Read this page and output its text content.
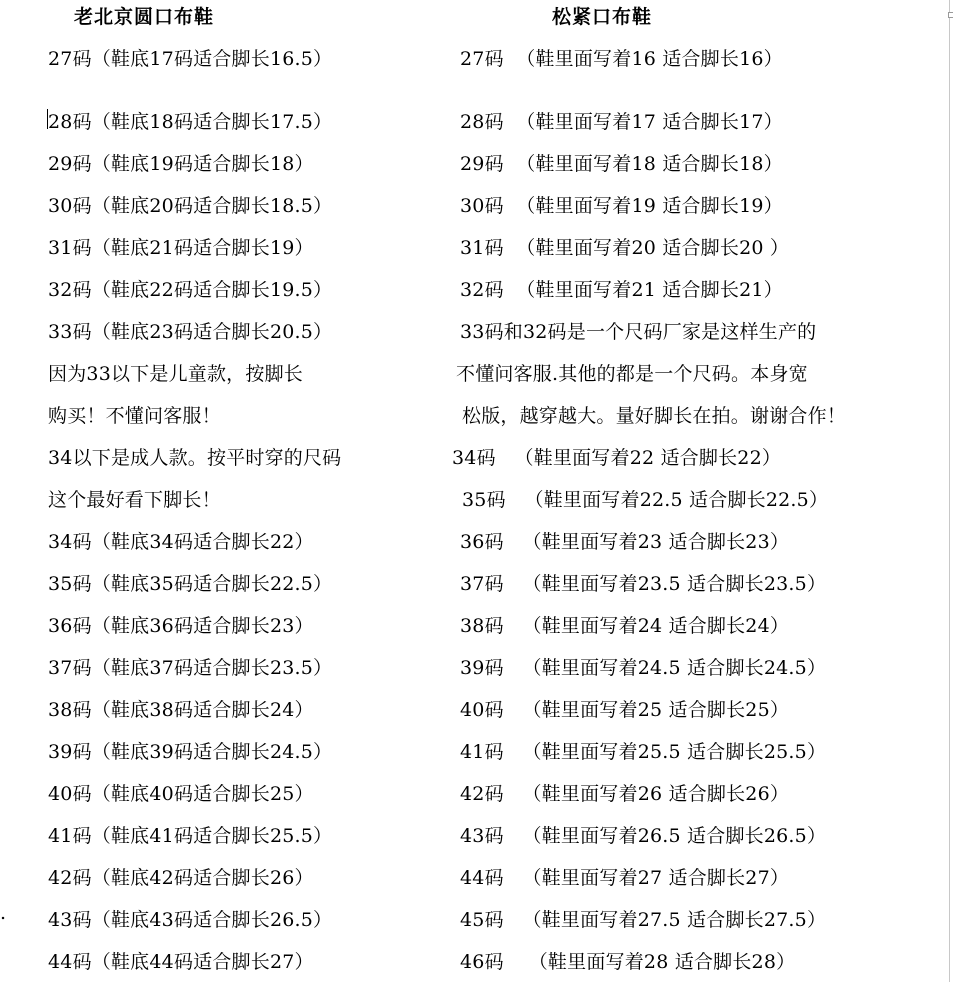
老北京圆口布鞋	松紧口布鞋
.
27码（鞋底17码适合脚长16.5）
28码（鞋底18码适合脚长17.5）
29码（鞋底19码适合脚长18）
30码（鞋底20码适合脚长18.5）
31码（鞋底21码适合脚长19）
32码（鞋底22码适合脚长19.5）
33码（鞋底23码适合脚长20.5）
因为33以下是儿童款，按脚长
购买！不懂问客服！
34以下是成人款。按平时穿的尺码
这个最好看下脚长！
34码（鞋底34码适合脚长22）
35码（鞋底35码适合脚长22.5）
36码（鞋底36码适合脚长23）
37码（鞋底37码适合脚长23.5）
38码（鞋底38码适合脚长24）
39码（鞋底39码适合脚长24.5）
40码（鞋底40码适合脚长25）
41码（鞋底41码适合脚长25.5）
42码（鞋底42码适合脚长26）
43码（鞋底43码适合脚长26.5）
44码（鞋底44码适合脚长27）
27码  （鞋里面写着16 适合脚长16）
28码  （鞋里面写着17 适合脚长17）
29码  （鞋里面写着18 适合脚长18）
30码  （鞋里面写着19 适合脚长19）
31码  （鞋里面写着20 适合脚长20 ）
32码  （鞋里面写着21 适合脚长21）
33码和32码是一个尺码厂家是这样生产的
不懂问客服.其他的都是一个尺码。本身宽
松版，越穿越大。量好脚长在拍。谢谢合作！
34码   （鞋里面写着22 适合脚长22）
35码   （鞋里面写着22.5 适合脚长22.5）
36码   （鞋里面写着23 适合脚长23）
37码   （鞋里面写着23.5 适合脚长23.5）
38码   （鞋里面写着24 适合脚长24）
39码   （鞋里面写着24.5 适合脚长24.5）
40码   （鞋里面写着25 适合脚长25）
41码   （鞋里面写着25.5 适合脚长25.5）
42码   （鞋里面写着26 适合脚长26）
43码   （鞋里面写着26.5 适合脚长26.5）
44码   （鞋里面写着27 适合脚长27）
45码   （鞋里面写着27.5 适合脚长27.5）
46码    （鞋里面写着28 适合脚长28）
